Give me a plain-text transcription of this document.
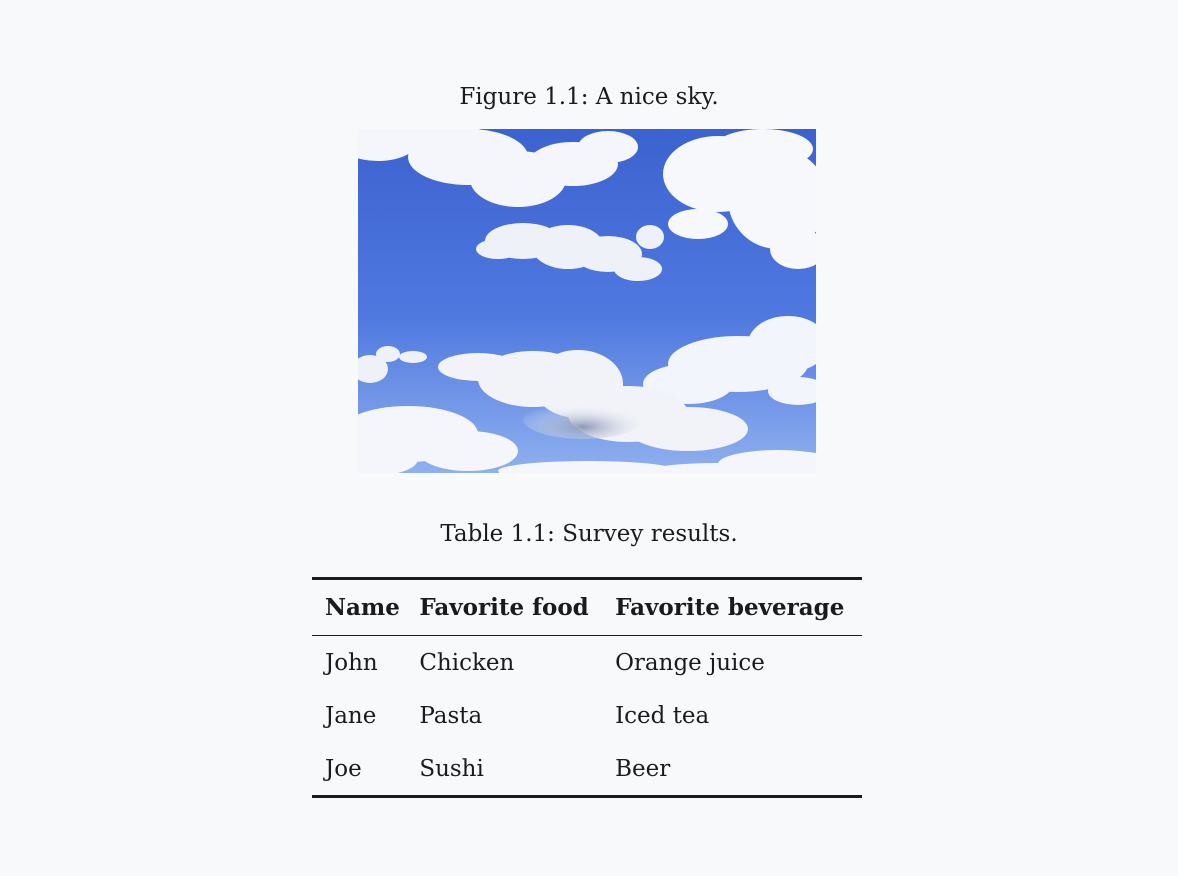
Figure 1.1: A nice sky.
Table 1.1: Survey results.
Name	Favorite food	Favorite beverage
John	Chicken	Orange juice
Jane	Pasta	Iced tea
Joe	Sushi	Beer
